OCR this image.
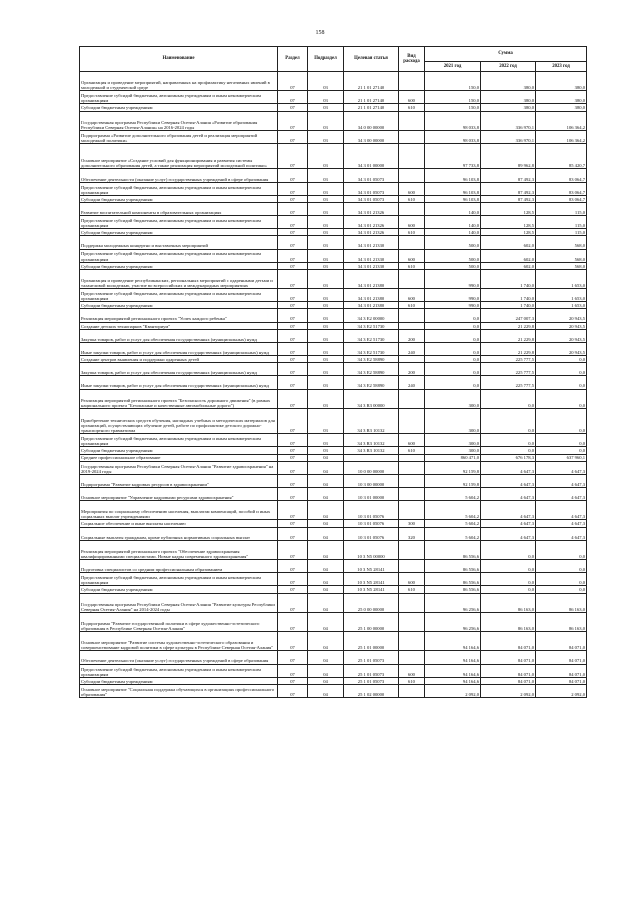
158
Наименование	Раздел	Подраздел	Целевая статья	Вид расхода	Сумма		
					2021 год	2022 год	2023 год
Организация и проведение мероприятий, направленных на профилактику негативных явлений в молодежной и студенческой среде	07	03	21 1 01 27140		150,0	380,0	380,0
Предоставление субсидий бюджетным, автономным учреждениям и иным некоммерческим организациям	07	03	21 1 01 27140	600	150,0	380,0	380,0
Субсидии бюджетным учреждениям	07	03	21 1 01 27140	610	150,0	380,0	380,0
Государственная программа Республики Северная Осетия-Алания «Развитие образования Республики Северная Осетия-Алания» на 2016-2024 годы	07	03	34 0 00 00000		98 033,8	336 970,1	106 364,2
Подпрограмма «Развитие дополнительного образования детей и реализация мероприятий молодежной политики»	07	03	34 3 00 00000		98 033,8	336 970,1	106 364,2
Основное мероприятие «Создание условий для функционирования и развития системы дополнительного образования детей, а также реализация мероприятий молодежной политики»	07	03	34 3 01 00000		97 733,8	89 962,8	85 420,7
Обеспечение деятельности (оказание услуг) государственных учреждений в сфере образования	07	03	34 3 01 05073		96 103,8	87 492,3	83 064,7
Предоставление субсидий бюджетным, автономным учреждениям и иным некоммерческим организациям	07	03	34 3 01 05073	600	96 103,8	87 492,3	83 064,7
Субсидии бюджетным учреждениям	07	03	34 3 01 05073	610	96 103,8	87 492,3	83 064,7
Развитие воспитательной компоненты в образовательных организациях	07	03	34 3 01 21326		140,0	128,5	115,0
Предоставление субсидий бюджетным, автономным учреждениям и иным некоммерческим организациям	07	03	34 3 01 21326	600	140,0	128,5	115,0
Субсидии бюджетным учреждениям	07	03	34 3 01 21326	610	140,0	128,5	115,0
Поддержка молодежных концертно и выставочных мероприятий	07	03	34 3 01 21330		500,0	602,0	568,0
Предоставление субсидий бюджетным, автономным учреждениям и иным некоммерческим организациям	07	03	34 3 01 21330	600	500,0	602,0	568,0
Субсидии бюджетным учреждениям	07	03	34 3 01 21330	610	500,0	602,0	568,0
Организация и проведение республиканских, региональных мероприятий с одаренными детьми и талантливой молодежью, участие во всероссийских и международных мероприятиях	07	03	34 3 01 21380		990,0	1 740,0	1 653,0
Предоставление субсидий бюджетным, автономным учреждениям и иным некоммерческим организациям	07	03	34 3 01 21380	600	990,0	1 740,0	1 653,0
Субсидии бюджетным учреждениям	07	03	34 3 01 21380	610	990,0	1 740,0	1 653,0
Реализация мероприятий регионального проекта "Успех каждого ребенка"	07	03	34 3 E2 00000		0,0	247 007,3	20 943,5
Создание детских технопарков "Кванториум"	07	03	34 3 E2 51730		0,0	21 229,8	20 943,5
Закупка товаров, работ и услуг для обеспечения государственных (муниципальных) нужд	07	03	34 3 E2 51730	200	0,0	21 229,8	20 943,5
Иные закупки товаров, работ и услуг для обеспечения государственных (муниципальных) нужд	07	03	34 3 E2 51730	240	0,0	21 229,8	20 943,5
Создание центров выявления и поддержки одаренных детей	07	03	34 3 E2 58890		0,0	225 777,5	0,0
Закупка товаров, работ и услуг для обеспечения государственных (муниципальных) нужд	07	03	34 3 E2 58890	200	0,0	225 777,5	0,0
Иные закупки товаров, работ и услуг для обеспечения государственных (муниципальных) нужд	07	03	34 3 E2 58890	240	0,0	225 777,5	0,0
Реализация мероприятий регионального проекта "Безопасность дорожного движения" (в рамках национального проекта "Безопасные и качественные автомобильные дороги")	07	03	34 3 R3 00000		300,0	0,0	0,0
Приобретение технических средств обучения, наглядных учебных и методических материалов для организаций, осуществляющих обучение детей, работе по профилактике детского дорожно-транспортного травматизма	07	03	34 3 R3 10132		300,0	0,0	0,0
Предоставление субсидий бюджетным, автономным учреждениям и иным некоммерческим организациям	07	03	34 3 R3 10132	600	300,0	0,0	0,0
Субсидии бюджетным учреждениям	07	03	34 3 R3 10132	610	300,0	0,0	0,0
Среднее профессиональное образование	07	04			860 471,0	676 178,3	637 960,1
Государственная программа Республики Северная Осетия-Алания "Развитие здравоохранения" на 2019-2024 годы	07	04	10 0 00 00000		92 159,8	4 647,3	4 647,3
Подпрограмма "Развитие кадровых ресурсов в здравоохранении"	07	04	10 3 00 00000		92 159,8	4 647,3	4 647,3
Основное мероприятие "Управление кадровыми ресурсами здравоохранения"	07	04	10 3 01 00000		5 604,2	4 647,3	4 647,3
Мероприятия по социальному обеспечению населения, выплатам компенсаций, пособий и иных социальных выплат учреждениями	07	04	10 3 01 05076		5 604,2	4 647,3	4 647,3
Социальное обеспечение и иные выплаты населению	07	04	10 3 01 05076	300	5 604,2	4 647,3	4 647,3
Социальные выплаты гражданам, кроме публичных нормативных социальных выплат	07	04	10 3 01 05076	320	5 604,2	4 647,3	4 647,3
Реализация мероприятий регионального проекта "Обеспечение здравоохранения квалифицированными специалистами. Новые кадры современного здравоохранения"	07	04	10 3 N5 00000		86 556,6	0,0	0,0
Подготовка специалистов со средним профессиональным образованием	07	04	10 3 N5 28141		86 556,6	0,0	0,0
Предоставление субсидий бюджетным, автономным учреждениям и иным некоммерческим организациям	07	04	10 3 N5 28141	600	86 556,6	0,0	0,0
Субсидии бюджетным учреждениям	07	04	10 3 N5 28141	610	86 556,6	0,0	0,0
Государственная программа Республики Северная Осетия-Алания "Развитие культуры Республики Северная Осетия-Алания" на 2014-2024 годы	07	04	25 0 00 00000		96 256,6	86 163,0	86 163,0
Подпрограмма "Развитие государственной политики в сфере художественно-эстетического образования в Республике Северная Осетия-Алания"	07	04	25 1 00 00000		96 256,6	86 163,0	86 163,0
Основное мероприятие "Развитие системы художественно-эстетического образования и совершенствование кадровой политики в сфере культуры в Республике Северная Осетия-Алания"	07	04	25 1 01 00000		94 164,6	84 071,0	84 071,0
Обеспечение деятельности (оказание услуг) государственных учреждений в сфере образования	07	04	25 1 01 05073		94 164,6	84 071,0	84 071,0
Предоставление субсидий бюджетным, автономным учреждениям и иным некоммерческим организациям	07	04	25 1 01 05073	600	94 164,6	84 071,0	84 071,0
Субсидии бюджетным учреждениям	07	04	25 1 01 05073	610	94 164,6	84 071,0	84 071,0
Основное мероприятие "Социальная поддержка обучающихся в организациях профессионального образования"	07	04	25 1 02 00000		2 092,0	2 092,0	2 092,0
